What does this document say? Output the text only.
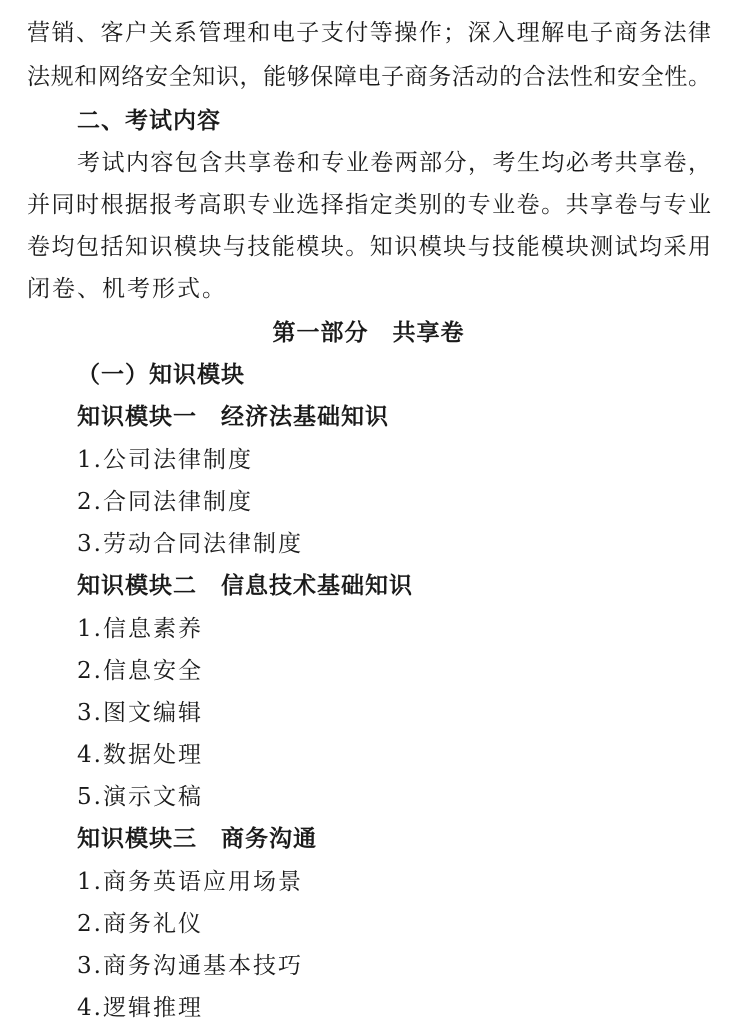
营销、客户关系管理和电子支付等操作；深入理解电子商务法律
法规和网络安全知识，能够保障电子商务活动的合法性和安全性。
二、考试内容
考试内容包含共享卷和专业卷两部分，考生均必考共享卷，
并同时根据报考高职专业选择指定类别的专业卷。共享卷与专业
卷均包括知识模块与技能模块。知识模块与技能模块测试均采用
闭卷、机考形式。
第一部分　共享卷
（一）知识模块
知识模块一　经济法基础知识
1.公司法律制度
2.合同法律制度
3.劳动合同法律制度
知识模块二　信息技术基础知识
1.信息素养
2.信息安全
3.图文编辑
4.数据处理
5.演示文稿
知识模块三　商务沟通
1.商务英语应用场景
2.商务礼仪
3.商务沟通基本技巧
4.逻辑推理
